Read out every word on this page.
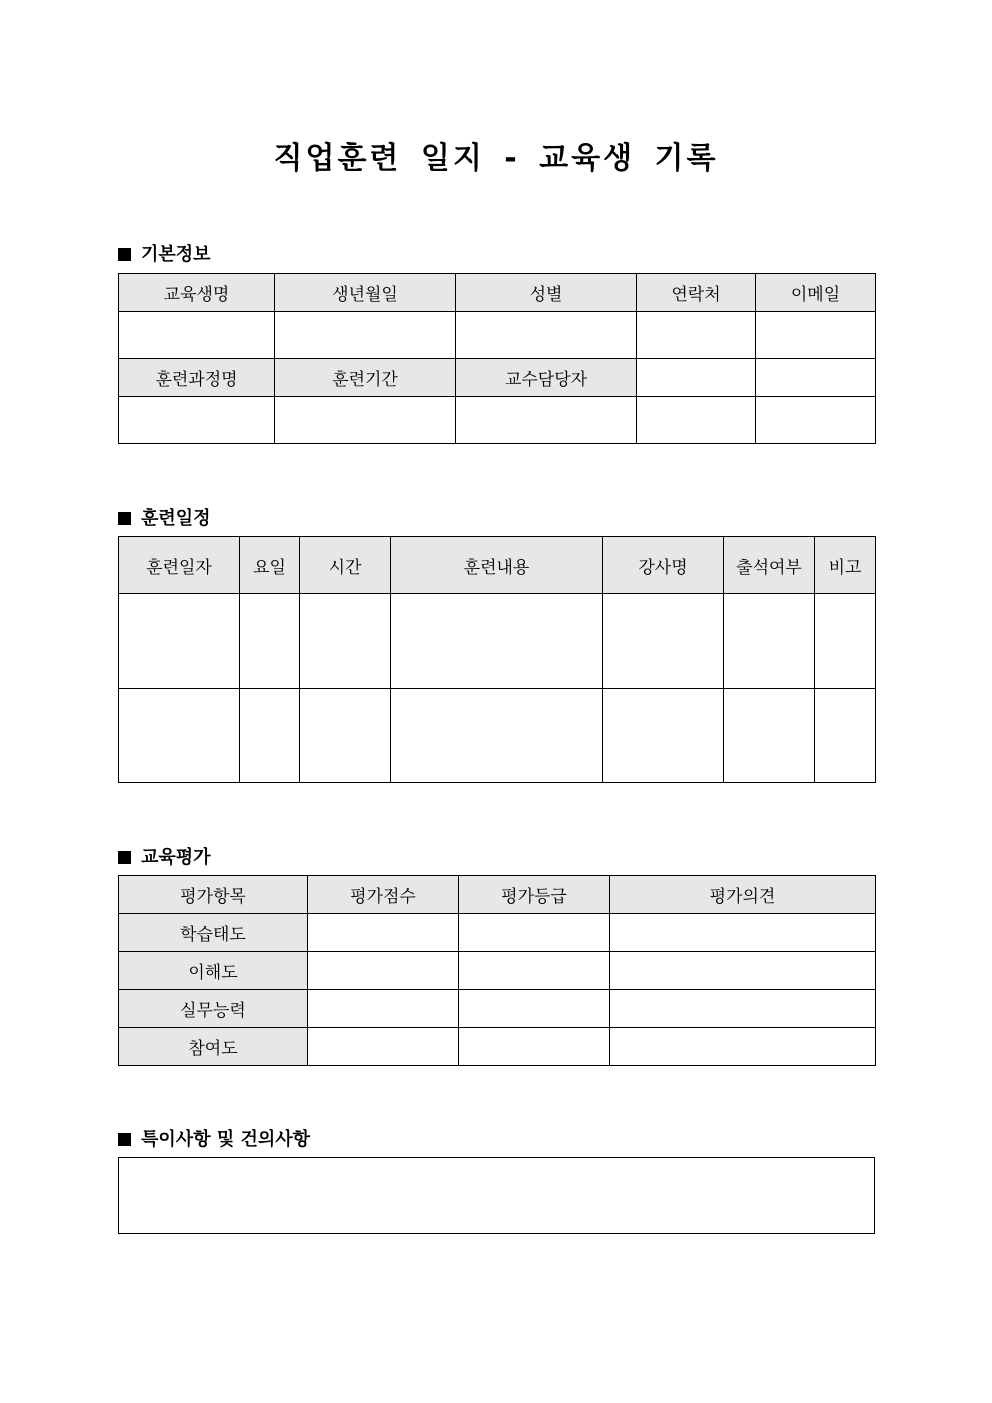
직업훈련 일지 - 교육생 기록
기본정보
교육생명	생년월일	성별	연락처	이메일

훈련과정명	훈련기간	교수담당자		

훈련일정
훈련일자	요일	시간	훈련내용	강사명	출석여부	비고

교육평가
평가항목	평가점수	평가등급	평가의견
학습태도			
이해도			
실무능력			
참여도			
특이사항 및 건의사항
